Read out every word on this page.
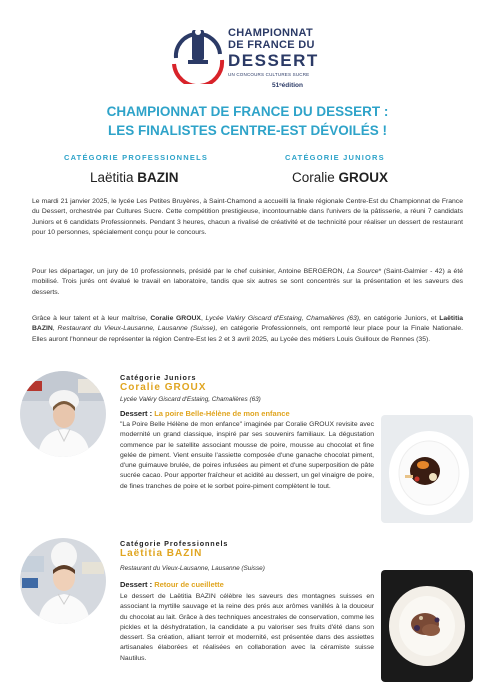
CHAMPIONNAT
DE FRANCE DU
DESSERT
UN CONCOURS CULTURES SUCRE
51ᵉédition
CHAMPIONNAT DE FRANCE DU DESSERT :
LES FINALISTES CENTRE-EST DÉVOILÉS !
CATÉGORIE PROFESSIONNELS
Laëtitia BAZIN
CATÉGORIE JUNIORS
Coralie GROUX

Le mardi 21 janvier 2025, le lycée Les Petites Bruyères, à Saint-Chamond a accueilli la finale régionale Centre-Est du Championnat de France du Dessert, orchestrée par Cultures Sucre. Cette compétition prestigieuse, incontournable dans l'univers de la pâtisserie, a réuni 7 candidats Juniors et 6 candidats Professionnels. Pendant 3 heures, chacun a rivalisé de créativité et de technicité pour réaliser un dessert de restaurant pour 10 personnes, spécialement conçu pour le concours.

Pour les départager, un jury de 10 professionnels, présidé par le chef cuisinier, Antoine BERGERON, La Source* (Saint-Galmier - 42) a été mobilisé. Trois jurés ont évalué le travail en laboratoire, tandis que six autres se sont concentrés sur la présentation et les saveurs des desserts.

Grâce à leur talent et à leur maîtrise, Coralie GROUX, Lycée Valéry Giscard d'Estaing, Chamalières (63), en catégorie Juniors, et Laëtitia BAZIN, Restaurant du Vieux-Lausanne, Lausanne (Suisse), en catégorie Professionnels, ont remporté leur place pour la Finale Nationale. Elles auront l'honneur de représenter la région Centre-Est les 2 et 3 avril 2025, au Lycée des métiers Louis Guilloux de Rennes (35).

Catégorie Juniors
Coralie GROUX
Lycée Valéry Giscard d'Estaing, Chamalières (63)
Dessert : La poire Belle-Hélène de mon enfance

"La Poire Belle Hélène de mon enfance" imaginée par Coralie GROUX revisite avec modernité un grand classique, inspiré par ses souvenirs familiaux. La dégustation commence par le satellite associant mousse de poire, mousse au chocolat et fine gelée de piment. Vient ensuite l'assiette composée d'une ganache chocolat piment, d'une guimauve brulée, de poires infusées au piment et d'une superposition de pâte sucrée cacao. Pour apporter fraîcheur et acidité au dessert, un gel vinaigre de poire, de fines tranches de poire et le sorbet poire-piment complètent le tout.

Catégorie Professionnels
Laëtitia BAZIN
Restaurant du Vieux-Lausanne, Lausanne (Suisse)
Dessert : Retour de cueillette

Le dessert de Laëtitia BAZIN célèbre les saveurs des montagnes suisses en associant la myrtille sauvage et la reine des prés aux arômes vanillés à la douceur du chocolat au lait. Grâce à des techniques ancestrales de conservation, comme les pickles et la déshydratation, la candidate a pu valoriser ses fruits d'été dans son dessert. Sa création, alliant terroir et modernité, est présentée dans des assiettes artisanales élaborées et réalisées en collaboration avec la céramiste suisse Nautilus.
